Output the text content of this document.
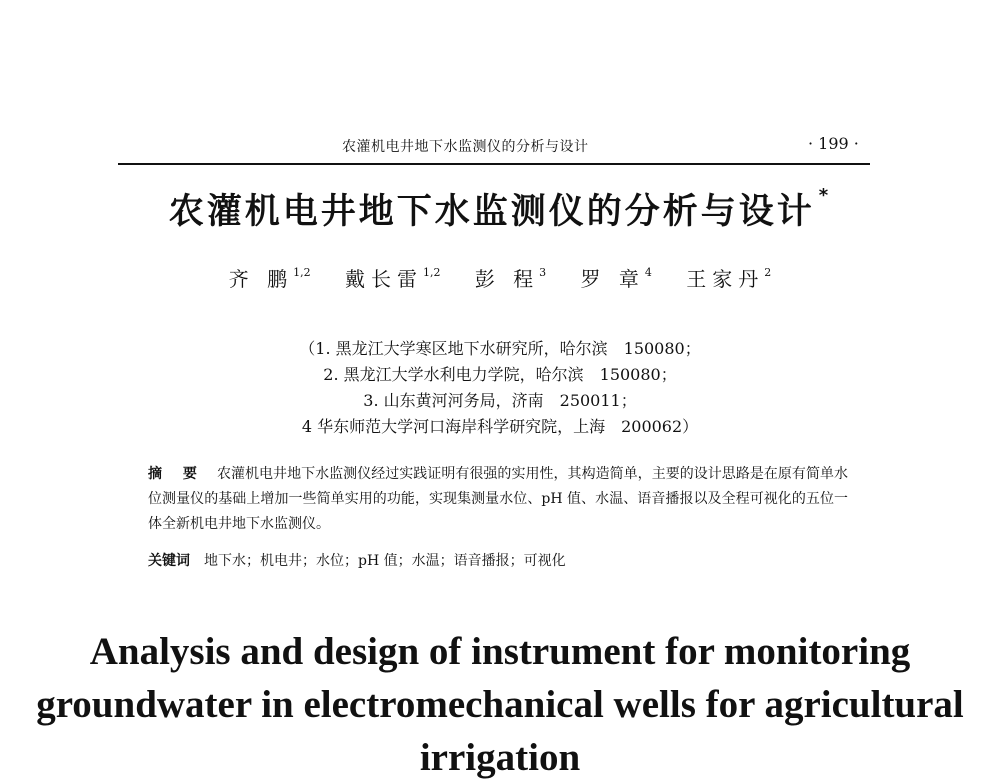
农灌机电井地下水监测仪的分析与设计	· 199 ·
农灌机电井地下水监测仪的分析与设计 *
齐 鹏$^{1,2}$ 戴长雷$^{1,2}$ 彭 程$^3$ 罗 章$^4$ 王家丹$^2$
（1. 黑龙江大学寒区地下水研究所，哈尔滨　150080；
2. 黑龙江大学水利电力学院，哈尔滨　150080；
3. 山东黄河河务局，济南　250011；
4 华东师范大学河口海岸科学研究院，上海　200062）
摘 要 农灌机电井地下水监测仪经过实践证明有很强的实用性，其构造简单，主要的设计思路是在原有简单水位测量仪的基础上增加一些简单实用的功能，实现集测量水位、pH 值、水温、语音播报以及全程可视化的五位一体全新机电井地下水监测仪。
关键词 地下水；机电井；水位；pH 值；水温；语音播报；可视化
Analysis and design of instrument for monitoring groundwater in electromechanical wells for agricultural irrigation
